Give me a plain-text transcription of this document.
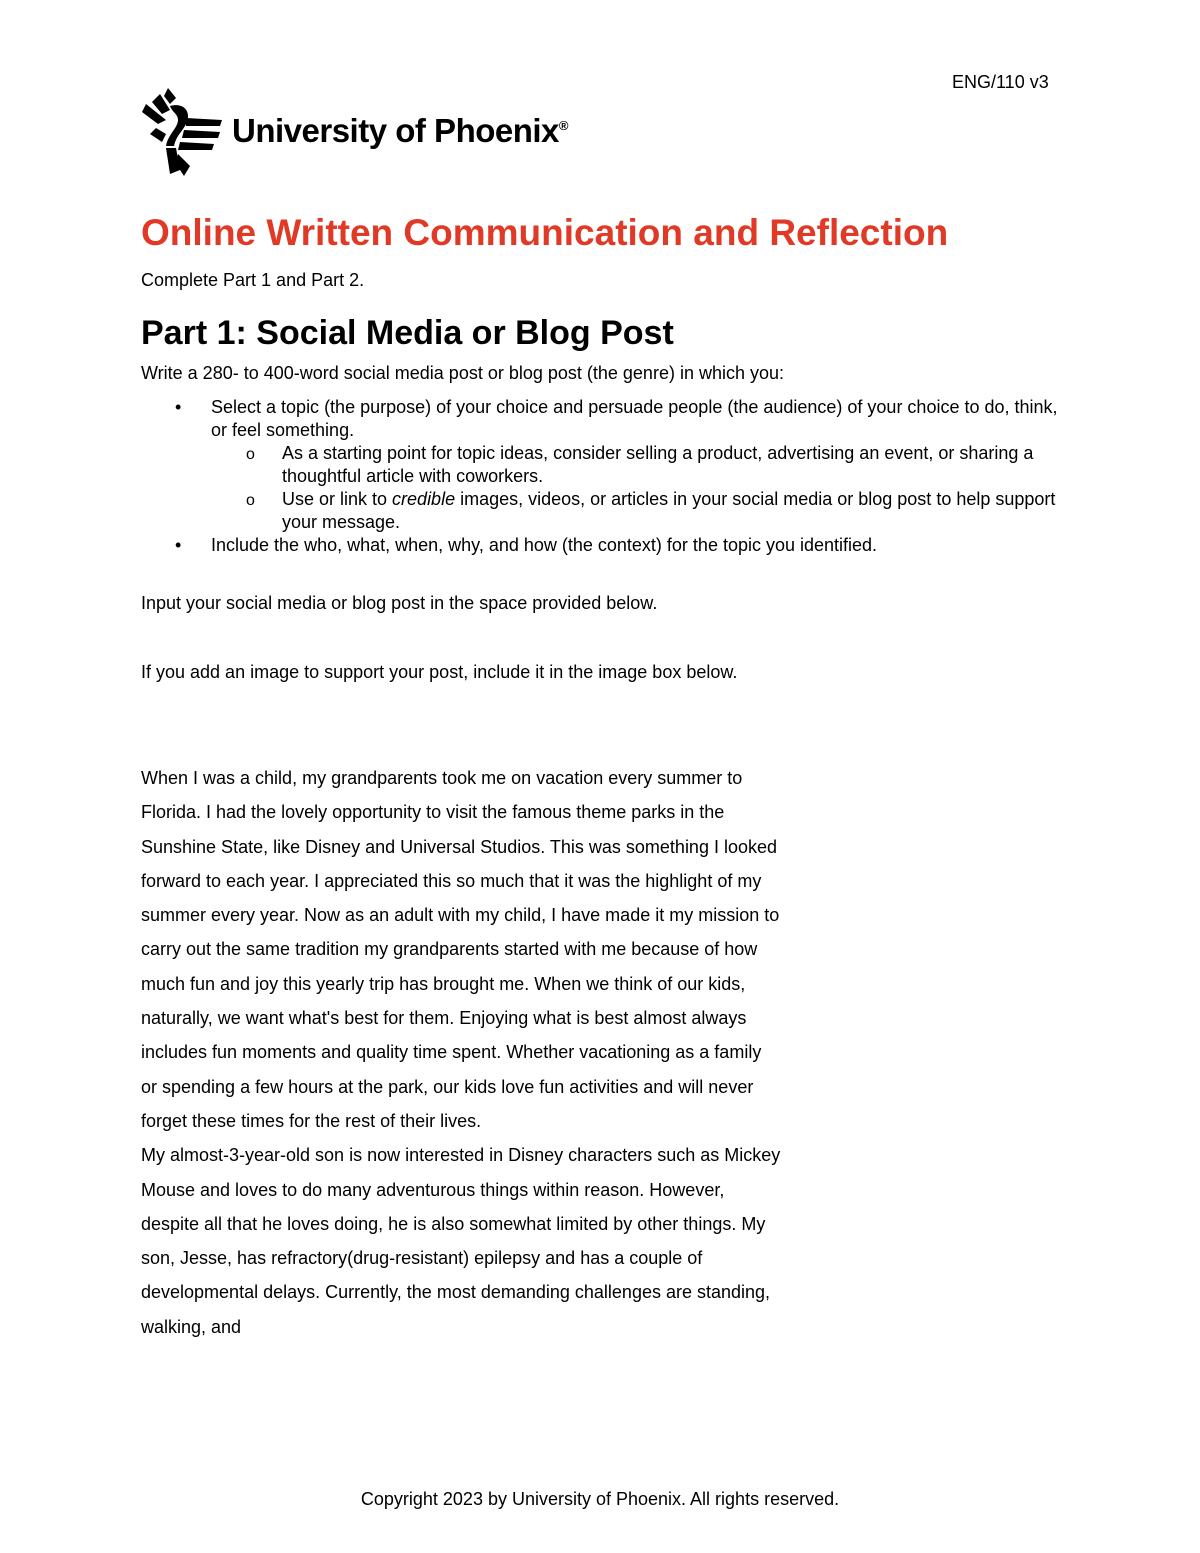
ENG/110 v3
University of Phoenix®
Online Written Communication and Reflection

Complete Part 1 and Part 2.

Part 1: Social Media or Blog Post

Write a 280- to 400-word social media post or blog post (the genre) in which you:

• Select a topic (the purpose) of your choice and persuade people (the audience) of your choice to do, think, or feel something.
o As a starting point for topic ideas, consider selling a product, advertising an event, or sharing a thoughtful article with coworkers.
o Use or link to credible images, videos, or articles in your social media or blog post to help support your message.
• Include the who, what, when, why, and how (the context) for the topic you identified.

Input your social media or blog post in the space provided below.

If you add an image to support your post, include it in the image box below.

When I was a child, my grandparents took me on vacation every summer to Florida. I had the lovely opportunity to visit the famous theme parks in the Sunshine State, like Disney and Universal Studios. This was something I looked forward to each year. I appreciated this so much that it was the highlight of my summer every year. Now as an adult with my child, I have made it my mission to carry out the same tradition my grandparents started with me because of how much fun and joy this yearly trip has brought me. When we think of our kids, naturally, we want what's best for them. Enjoying what is best almost always includes fun moments and quality time spent. Whether vacationing as a family or spending a few hours at the park, our kids love fun activities and will never forget these times for the rest of their lives.

My almost-3-year-old son is now interested in Disney characters such as Mickey Mouse and loves to do many adventurous things within reason. However, despite all that he loves doing, he is also somewhat limited by other things. My son, Jesse, has refractory(drug-resistant) epilepsy and has a couple of developmental delays. Currently, the most demanding challenges are standing, walking, and

Copyright 2023 by University of Phoenix. All rights reserved.
